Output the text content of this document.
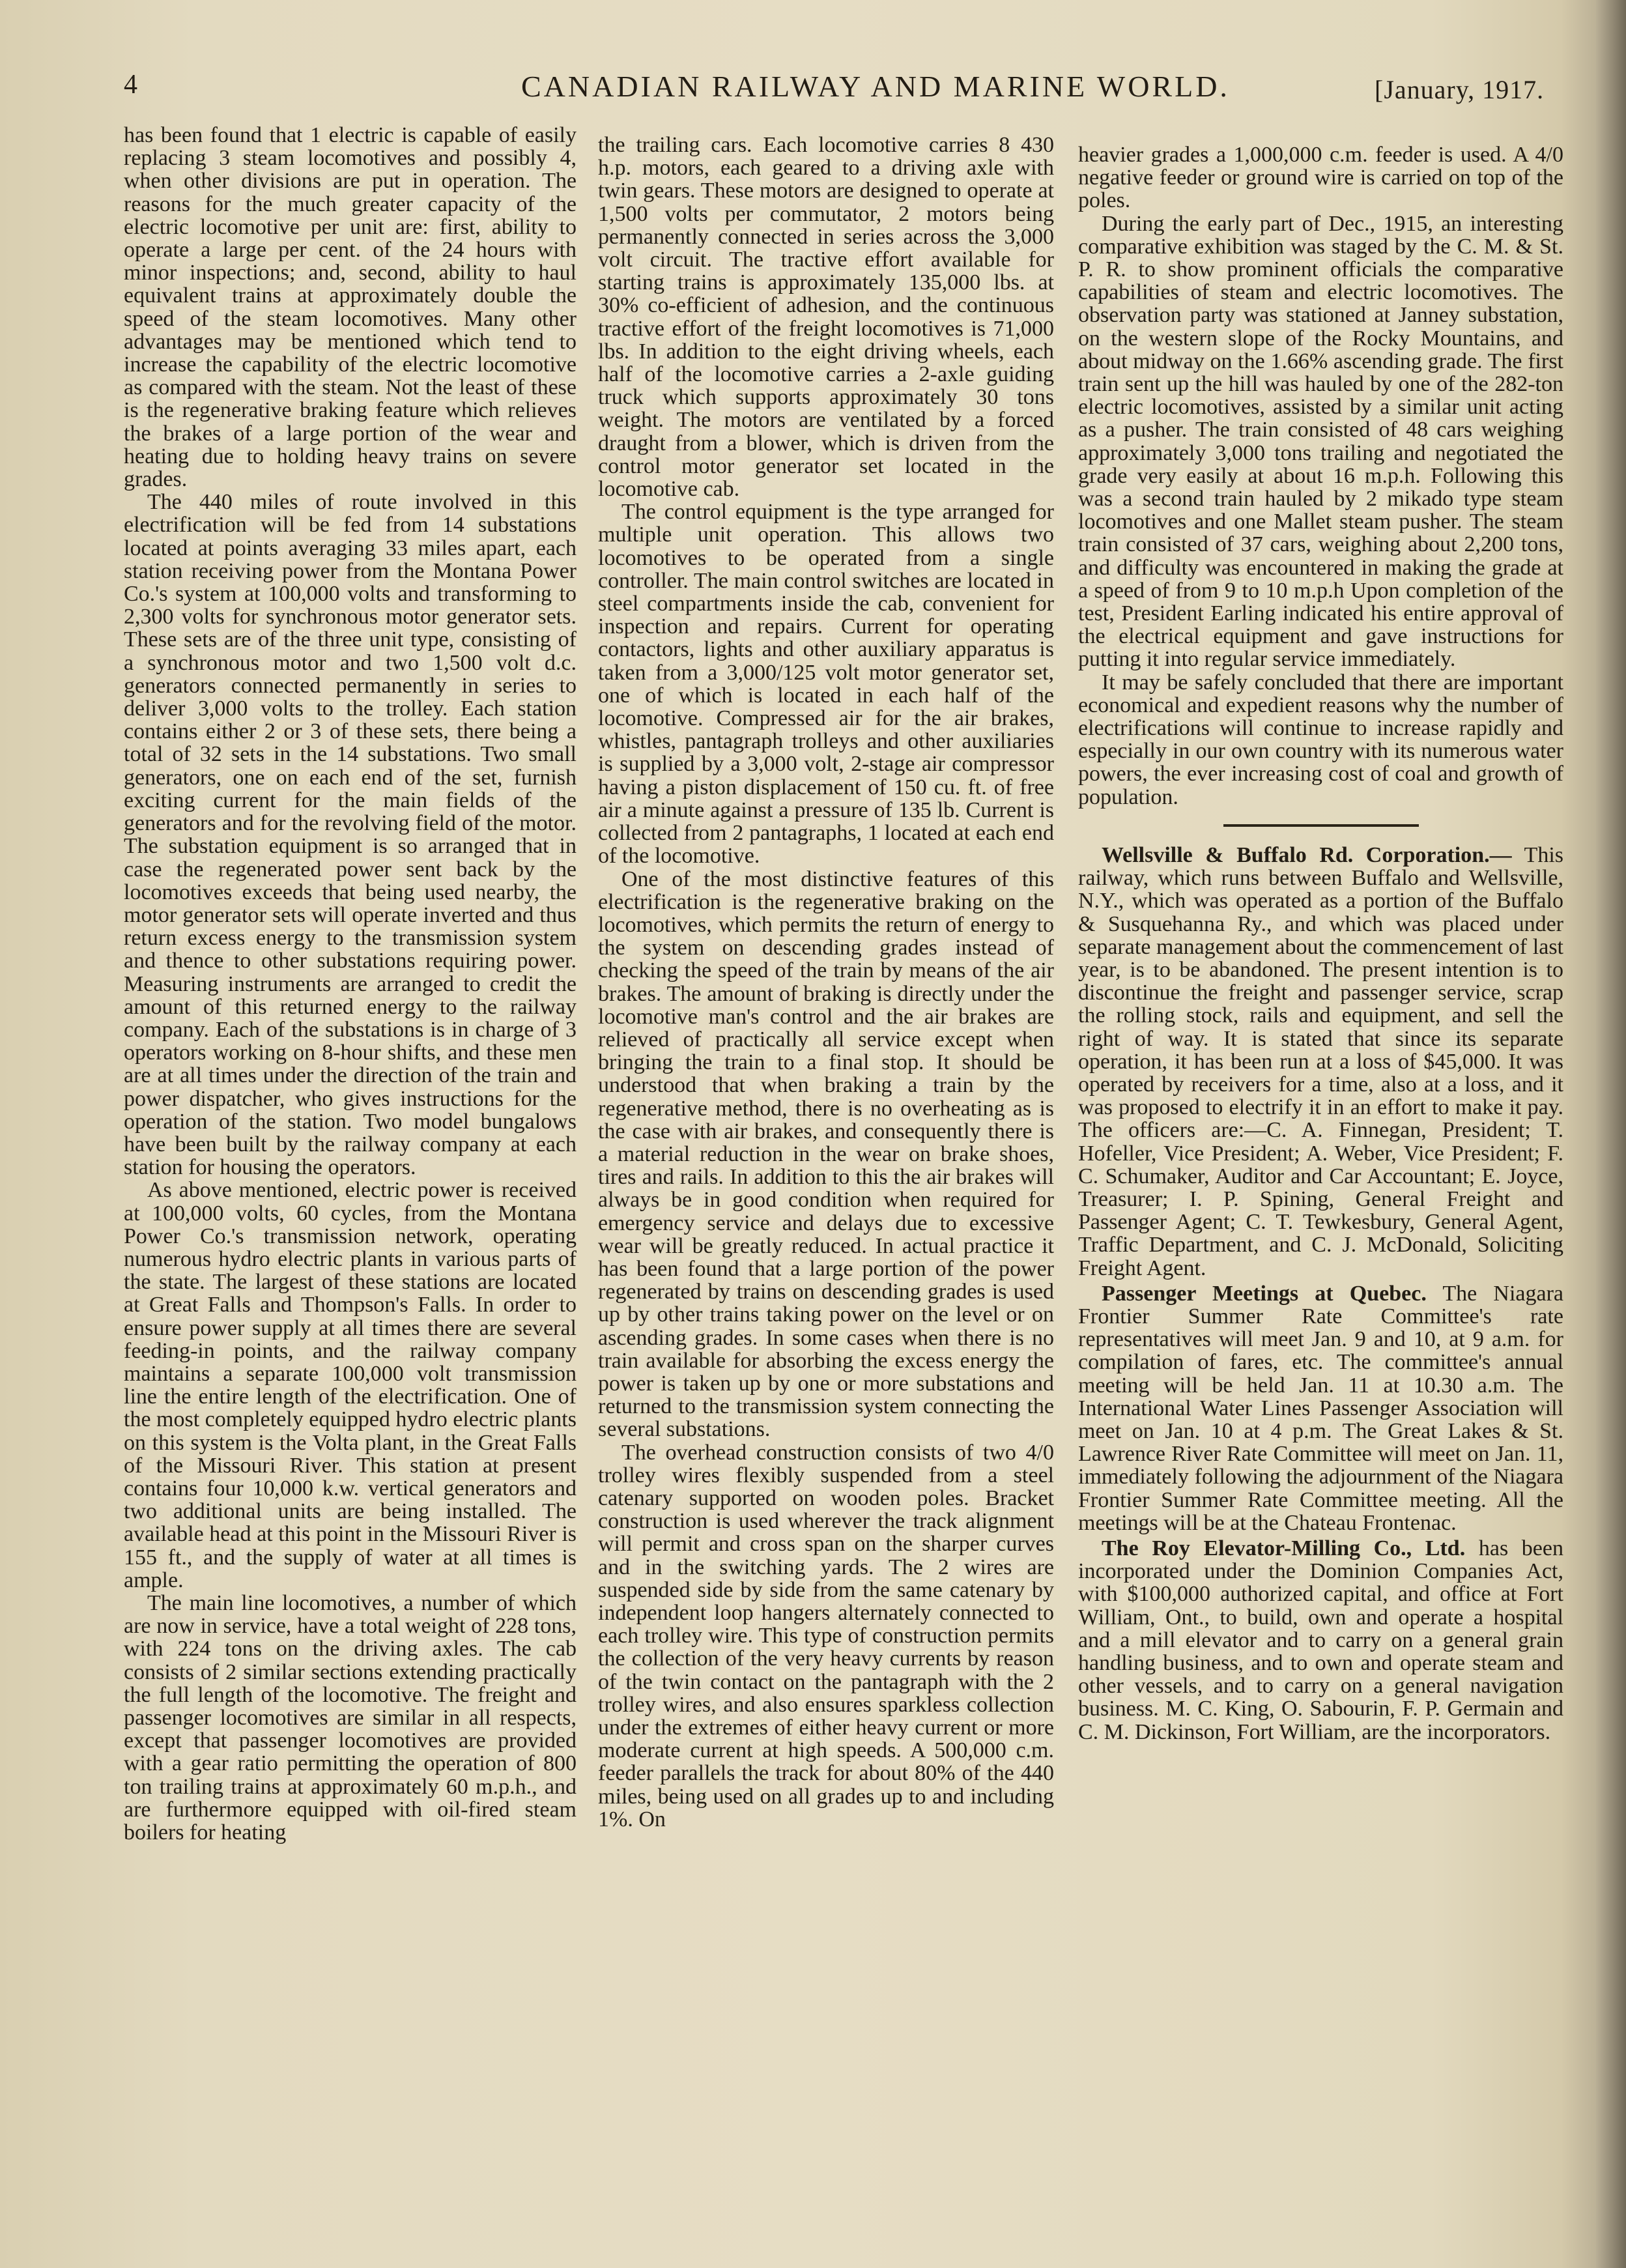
4	CANADIAN RAILWAY AND MARINE WORLD.	[January, 1917.

has been found that 1 electric is capable of easily replacing 3 steam locomotives and possibly 4, when other divisions are put in operation. The reasons for the much greater capacity of the electric locomotive per unit are: first, ability to operate a large per cent. of the 24 hours with minor inspections; and, second, ability to haul equivalent trains at approximately double the speed of the steam locomotives. Many other advantages may be mentioned which tend to increase the capability of the electric locomotive as compared with the steam. Not the least of these is the regenerative braking feature which relieves the brakes of a large portion of the wear and heating due to holding heavy trains on severe grades.

The 440 miles of route involved in this electrification will be fed from 14 substations located at points averaging 33 miles apart, each station receiving power from the Montana Power Co.'s system at 100,000 volts and transforming to 2,300 volts for synchronous motor generator sets. These sets are of the three unit type, consisting of a synchronous motor and two 1,500 volt d.c. generators connected permanently in series to deliver 3,000 volts to the trolley. Each station contains either 2 or 3 of these sets, there being a total of 32 sets in the 14 substations. Two small generators, one on each end of the set, furnish exciting current for the main fields of the generators and for the revolving field of the motor. The substation equipment is so arranged that in case the regenerated power sent back by the locomotives exceeds that being used nearby, the motor generator sets will operate inverted and thus return excess energy to the transmission system and thence to other substations requiring power. Measuring instruments are arranged to credit the amount of this returned energy to the railway company. Each of the substations is in charge of 3 operators working on 8-hour shifts, and these men are at all times under the direction of the train and power dispatcher, who gives instructions for the operation of the station. Two model bungalows have been built by the railway company at each station for housing the operators.

As above mentioned, electric power is received at 100,000 volts, 60 cycles, from the Montana Power Co.'s transmission network, operating numerous hydro electric plants in various parts of the state. The largest of these stations are located at Great Falls and Thompson's Falls. In order to ensure power supply at all times there are several feeding-in points, and the railway company maintains a separate 100,000 volt transmission line the entire length of the electrification. One of the most completely equipped hydro electric plants on this system is the Volta plant, in the Great Falls of the Missouri River. This station at present contains four 10,000 k.w. vertical generators and two additional units are being installed. The available head at this point in the Missouri River is 155 ft., and the supply of water at all times is ample.

The main line locomotives, a number of which are now in service, have a total weight of 228 tons, with 224 tons on the driving axles. The cab consists of 2 similar sections extending practically the full length of the locomotive. The freight and passenger locomotives are similar in all respects, except that passenger locomotives are provided with a gear ratio permitting the operation of 800 ton trailing trains at approximately 60 m.p.h., and are furthermore equipped with oil-fired steam boilers for heating

the trailing cars. Each locomotive carries 8 430 h.p. motors, each geared to a driving axle with twin gears. These motors are designed to operate at 1,500 volts per commutator, 2 motors being permanently connected in series across the 3,000 volt circuit. The tractive effort available for starting trains is approximately 135,000 lbs. at 30% co-efficient of adhesion, and the continuous tractive effort of the freight locomotives is 71,000 lbs. In addition to the eight driving wheels, each half of the locomotive carries a 2-axle guiding truck which supports approximately 30 tons weight. The motors are ventilated by a forced draught from a blower, which is driven from the control motor generator set located in the locomotive cab.

The control equipment is the type arranged for multiple unit operation. This allows two locomotives to be operated from a single controller. The main control switches are located in steel compartments inside the cab, convenient for inspection and repairs. Current for operating contactors, lights and other auxiliary apparatus is taken from a 3,000/125 volt motor generator set, one of which is located in each half of the locomotive. Compressed air for the air brakes, whistles, pantagraph trolleys and other auxiliaries is supplied by a 3,000 volt, 2-stage air compressor having a piston displacement of 150 cu. ft. of free air a minute against a pressure of 135 lb. Current is collected from 2 pantagraphs, 1 located at each end of the locomotive.

One of the most distinctive features of this electrification is the regenerative braking on the locomotives, which permits the return of energy to the system on descending grades instead of checking the speed of the train by means of the air brakes. The amount of braking is directly under the locomotive man's control and the air brakes are relieved of practically all service except when bringing the train to a final stop. It should be understood that when braking a train by the regenerative method, there is no overheating as is the case with air brakes, and consequently there is a material reduction in the wear on brake shoes, tires and rails. In addition to this the air brakes will always be in good condition when required for emergency service and delays due to excessive wear will be greatly reduced. In actual practice it has been found that a large portion of the power regenerated by trains on descending grades is used up by other trains taking power on the level or on ascending grades. In some cases when there is no train available for absorbing the excess energy the power is taken up by one or more substations and returned to the transmission system connecting the several substations.

The overhead construction consists of two 4/0 trolley wires flexibly suspended from a steel catenary supported on wooden poles. Bracket construction is used wherever the track alignment will permit and cross span on the sharper curves and in the switching yards. The 2 wires are suspended side by side from the same catenary by independent loop hangers alternately connected to each trolley wire. This type of construction permits the collection of the very heavy currents by reason of the twin contact on the pantagraph with the 2 trolley wires, and also ensures sparkless collection under the extremes of either heavy current or more moderate current at high speeds. A 500,000 c.m. feeder parallels the track for about 80% of the 440 miles, being used on all grades up to and including 1%. On

heavier grades a 1,000,000 c.m. feeder is used. A 4/0 negative feeder or ground wire is carried on top of the poles.

During the early part of Dec., 1915, an interesting comparative exhibition was staged by the C. M. & St. P. R. to show prominent officials the comparative capabilities of steam and electric locomotives. The observation party was stationed at Janney substation, on the western slope of the Rocky Mountains, and about midway on the 1.66% ascending grade. The first train sent up the hill was hauled by one of the 282-ton electric locomotives, assisted by a similar unit acting as a pusher. The train consisted of 48 cars weighing approximately 3,000 tons trailing and negotiated the grade very easily at about 16 m.p.h. Following this was a second train hauled by 2 mikado type steam locomotives and one Mallet steam pusher. The steam train consisted of 37 cars, weighing about 2,200 tons, and difficulty was encountered in making the grade at a speed of from 9 to 10 m.p.h Upon completion of the test, President Earling indicated his entire approval of the electrical equipment and gave instructions for putting it into regular service immediately.

It may be safely concluded that there are important economical and expedient reasons why the number of electrifications will continue to increase rapidly and especially in our own country with its numerous water powers, the ever increasing cost of coal and growth of population.

Wellsville & Buffalo Rd. Corporation.— This railway, which runs between Buffalo and Wellsville, N.Y., which was operated as a portion of the Buffalo & Susquehanna Ry., and which was placed under separate management about the commencement of last year, is to be abandoned. The present intention is to discontinue the freight and passenger service, scrap the rolling stock, rails and equipment, and sell the right of way. It is stated that since its separate operation, it has been run at a loss of $45,000. It was operated by receivers for a time, also at a loss, and it was proposed to electrify it in an effort to make it pay. The officers are:—C. A. Finnegan, President; T. Hofeller, Vice President; A. Weber, Vice President; F. C. Schumaker, Auditor and Car Accountant; E. Joyce, Treasurer; I. P. Spining, General Freight and Passenger Agent; C. T. Tewkesbury, General Agent, Traffic Department, and C. J. McDonald, Soliciting Freight Agent.

Passenger Meetings at Quebec. The Niagara Frontier Summer Rate Committee's rate representatives will meet Jan. 9 and 10, at 9 a.m. for compilation of fares, etc. The committee's annual meeting will be held Jan. 11 at 10.30 a.m. The International Water Lines Passenger Association will meet on Jan. 10 at 4 p.m. The Great Lakes & St. Lawrence River Rate Committee will meet on Jan. 11, immediately following the adjournment of the Niagara Frontier Summer Rate Committee meeting. All the meetings will be at the Chateau Frontenac.

The Roy Elevator-Milling Co., Ltd. has been incorporated under the Dominion Companies Act, with $100,000 authorized capital, and office at Fort William, Ont., to build, own and operate a hospital and a mill elevator and to carry on a general grain handling business, and to own and operate steam and other vessels, and to carry on a general navigation business. M. C. King, O. Sabourin, F. P. Germain and C. M. Dickinson, Fort William, are the incorporators.
